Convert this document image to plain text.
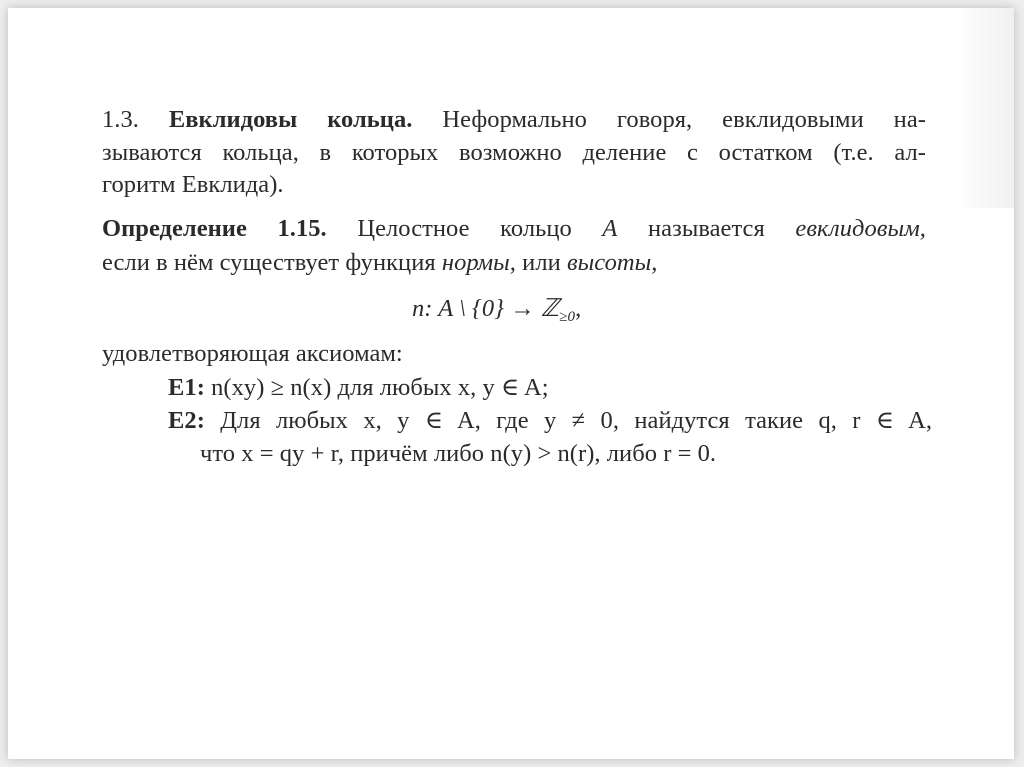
1.3. Евклидовы кольца. Неформально говоря, евклидовыми на-
зываются кольца, в которых возможно деление с остатком (т.е. ал-
горитм Евклида).
Определение 1.15. Целостное кольцо A называется евклидовым,
если в нём существует функция нормы, или высоты,
n: A \ {0} → ℤ$_{\ge 0}$,
удовлетворяющая аксиомам:
E1: n(xy) ≥ n(x) для любых x, y ∈ A;
E2: Для любых x, y ∈ A, где y ≠ 0, найдутся такие q, r ∈ A,
что x = qy + r, причём либо n(y) > n(r), либо r = 0.
